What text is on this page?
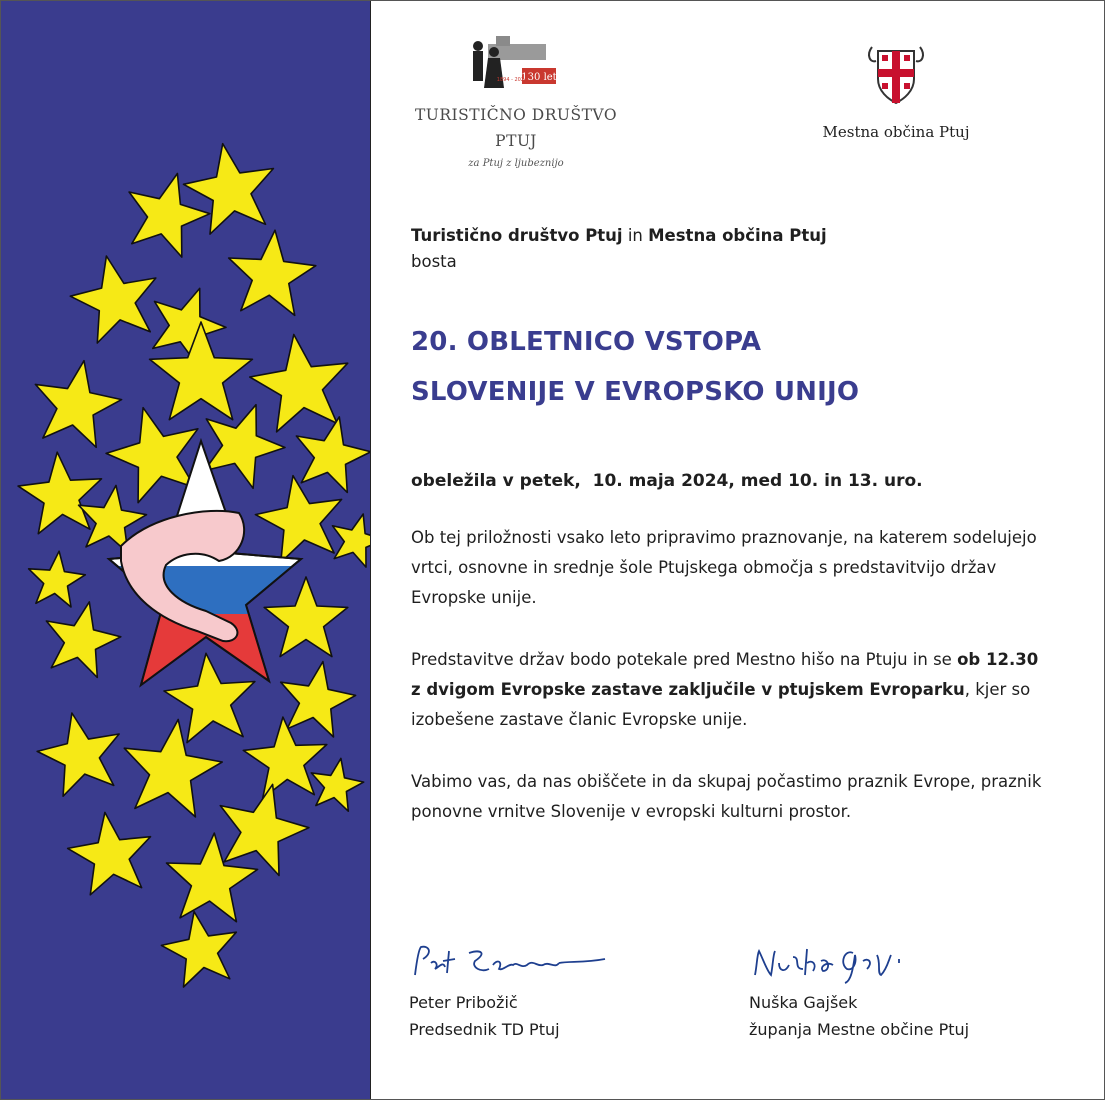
130 let
1894 - 2024
TURISTIČNO DRUŠTVO
PTUJ
za Ptuj z ljubeznijo
Mestna občina Ptuj

Turistično društvo Ptuj in Mestna občina Ptuj

bosta

20. OBLETNICO VSTOPA
SLOVENIJE V EVROPSKO UNIJO
obeležila v petek,  10. maja 2024, med 10. in 13. uro.
Ob tej priložnosti vsako leto pripravimo praznovanje, na katerem sodelujejo vrtci, osnovne in srednje šole Ptujskega območja s predstavitvijo držav Evropske unije.
Predstavitve držav bodo potekale pred Mestno hišo na Ptuju in se ob 12.30 z dvigom Evropske zastave zaključile v ptujskem Evroparku, kjer so izobešene zastave članic Evropske unije.
Vabimo vas, da nas obiščete in da skupaj počastimo praznik Evrope, praznik ponovne vrnitve Slovenije v evropski kulturni prostor.
Peter Pribožič
Predsednik TD Ptuj
Nuška Gajšek
županja Mestne občine Ptuj
